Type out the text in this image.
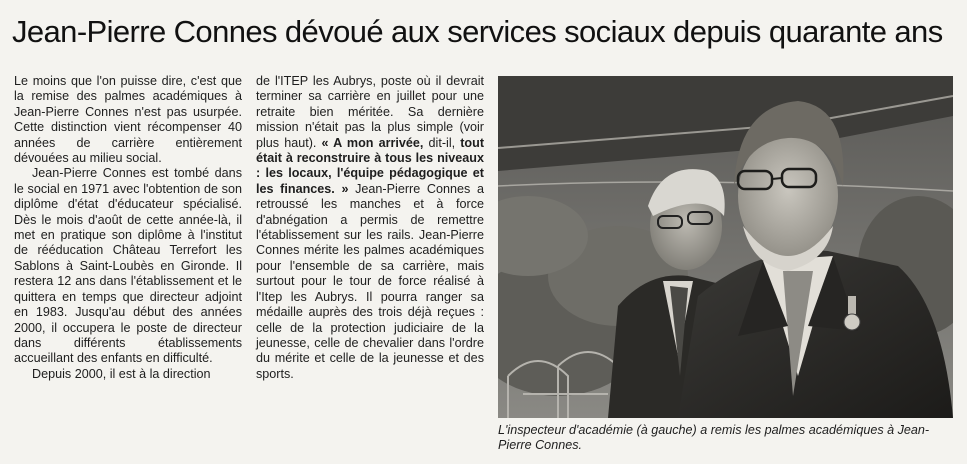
Jean-Pierre Connes dévoué aux services sociaux depuis quarante ans

Le moins que l'on puisse dire, c'est que la remise des palmes académiques à Jean-Pierre Connes n'est pas usurpée. Cette distinction vient récompenser 40 années de carrière entièrement dévouées au milieu social.

Jean-Pierre Connes est tombé dans le social en 1971 avec l'obtention de son diplôme d'état d'éducateur spécialisé. Dès le mois d'août de cette année-là, il met en pratique son diplôme à l'institut de rééducation Château Terrefort les Sablons à Saint-Loubès en Gironde. Il restera 12 ans dans l'établissement et le quittera en temps que directeur adjoint en 1983. Jusqu'au début des années 2000, il occupera le poste de directeur dans différents établissements accueillant des enfants en difficulté.

Depuis 2000, il est à la direction

de l'ITEP les Aubrys, poste où il devrait terminer sa carrière en juillet pour une retraite bien méritée. Sa dernière mission n'était pas la plus simple (voir plus haut). « A mon arrivée, dit-il, tout était à reconstruire à tous les niveaux : les locaux, l'équipe pédagogique et les finances. » Jean-Pierre Connes a retroussé les manches et à force d'abnégation a permis de remettre l'établissement sur les rails. Jean-Pierre Connes mérite les palmes académiques pour l'ensemble de sa carrière, mais surtout pour le tour de force réalisé à l'Itep les Aubrys. Il pourra ranger sa médaille auprès des trois déjà reçues : celle de la protection judiciaire de la jeunesse, celle de chevalier dans l'ordre du mérite et celle de la jeunesse et des sports.

L'inspecteur d'académie (à gauche) a remis les palmes académiques à Jean-Pierre Connes.
